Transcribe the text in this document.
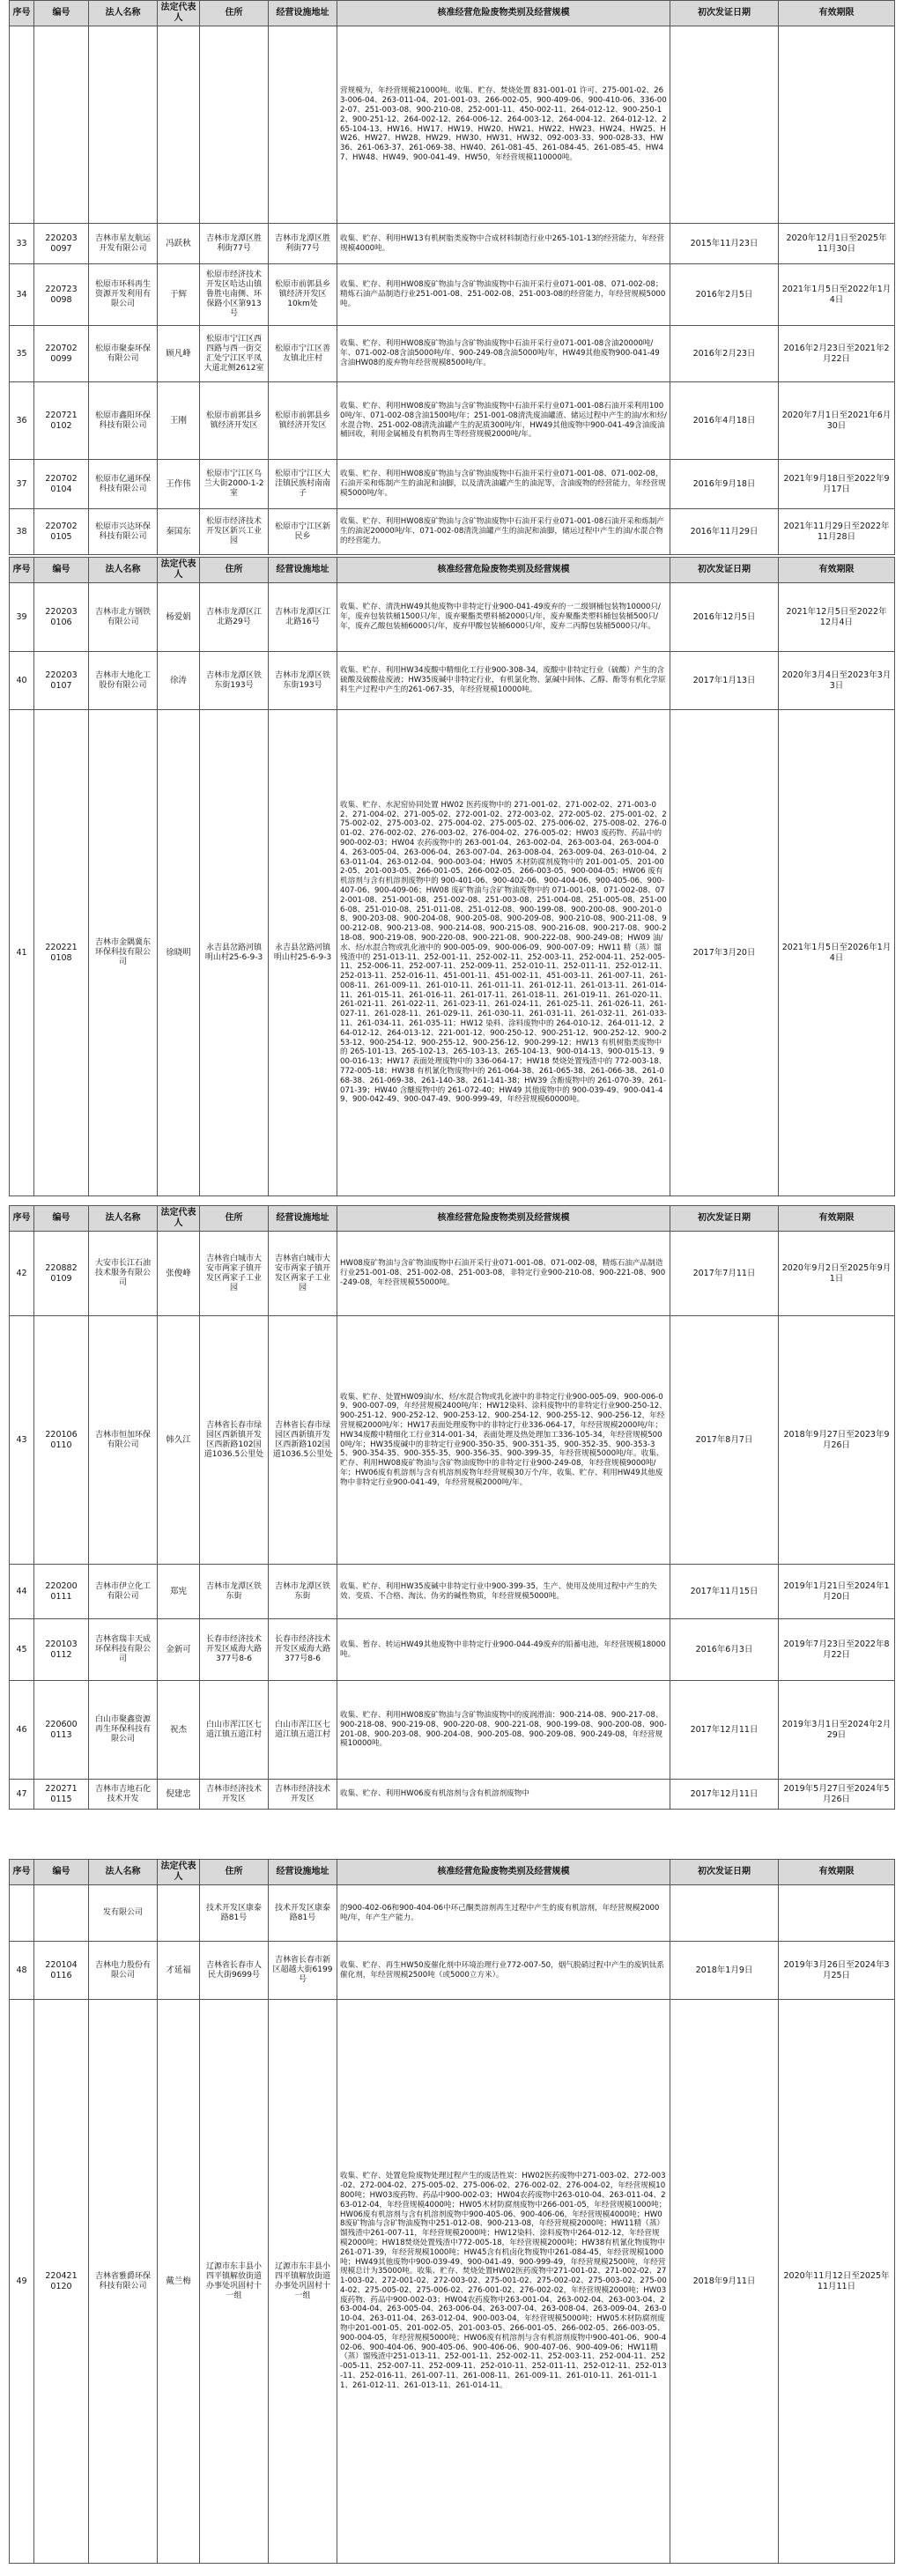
序号	编号	法人名称	法定代表人	住所	经营设施地址	核准经营危险废物类别及经营规模	初次发证日期	有效期限
						营规模为，年经营规模21000吨。收集、贮存、焚烧处置 831-001-01 许可、275-001-02、263-006-04、263-011-04、201-001-03、266-002-05、900-409-06、900-410-06、336-002-07、251-003-08、900-210-08、252-001-11、450-002-11、264-012-12、900-250-12、900-251-12、264-002-12、264-006-12、264-003-12、264-004-12、264-012-12、265-104-13、HW16、HW17、HW19、HW20、HW21、HW22、HW23、HW24、HW25、HW26、HW27、HW28、HW29、HW30、HW31、HW32、092-003-33、900-028-33、HW36、261-063-37、261-069-38、HW40、261-081-45、261-084-45、261-085-45、HW47、HW48、HW49、900-041-49、HW50，年经营规模110000吨。		
33	220203 0097	吉林市星友航运开发有限公司	冯跃秋	吉林市龙潭区胜利街77号	吉林市龙潭区胜利街77号	收集、贮存、利用HW13有机树脂类废物中合成材料制造行业中265-101-13的经营能力，年经营规模4000吨。	2015年11月23日	2020年12月1日至2025年11月30日
34	220723 0098	松原市环科再生资源开发利用有限公司	于辉	松原市经济技术开发区哈达山镇鲁胜屯南侧、环保路小区第913号	松原市前郭县乡镇经济开发区10km处	收集、贮存、利用HW08废矿物油与含矿物油废物中石油开采行业071-001-08、071-002-08；精炼石油产品制造行业251-001-08、251-002-08、251-003-08的经营能力，年经营规模5000吨。	2016年2月5日	2021年1月5日至2022年1月4日
35	220702 0099	松原市聚泰环保有限公司	顾凡峰	松原市宁江区西四路与西一街交汇处宁江区平凤大道北侧2612室	松原市宁江区善友镇北庄村	收集、贮存、利用HW08废矿物油与含矿物油废物中石油开采行业071-001-08含油20000吨/年、071-002-08含油5000吨/年、900-249-08含油5000吨/年，HW49其他废物900-041-49含油HW08的废弃物年经营规模8500吨/年。	2016年2月23日	2016年2月23日至2021年2月22日
36	220721 0102	松原市鑫阳环保科技有限公司	王刚	松原市前郭县乡镇经济开发区	松原市前郭县乡镇经济开发区	收集、贮存、利用HW08废矿物油与含矿物油废物中石油开采行业071-001-08石油开采利用1000吨/年、071-002-08含油1500吨/年；251-001-08清洗废油罐渣、储运过程中产生的油/水和烃/水混合物、251-002-08清洗油罐产生的泥质300吨/年，HW49其他废物中900-041-49含油废油桶回收，利用金属桶及有机物再生等经营规模2000吨/年。	2016年4月18日	2020年7月1日至2021年6月30日
37	220702 0104	松原市亿通环保科技有限公司	王作伟	松原市宁江区乌兰大街2000-1-2室	松原市宁江区大洼镇民族村南南子	收集、贮存、利用HW08废矿物油与含矿物油废物中石油开采行业071-001-08、071-002-08，石油开采和炼制产生的油泥和油脚，以及清洗油罐产生的油泥等，含油废物的经营能力，年经营规模5000吨/年。	2016年9月18日	2021年9月18日至2022年9月17日
38	220702 0105	松原市兴达环保科技有限公司	秦国东	松原市经济技术开发区新兴工业园	松原市宁江区新民乡	收集、贮存、利用HW08废矿物油与含矿物油废物中石油开采行业071-001-08石油开采和炼制产生的油泥20000吨/年、071-002-08清洗油罐产生的油泥和油脚，储运过程中产生的油/水混合物的经营能力。	2016年11月29日	2021年11月29日至2022年11月28日
序号	编号	法人名称	法定代表人	住所	经营设施地址	核准经营危险废物类别及经营规模	初次发证日期	有效期限
39	220203 0106	吉林市北方钢铁有限公司	杨爱娟	吉林市龙潭区江北路29号	吉林市龙潭区江北路16号	收集、贮存、清洗HW49其他废物中非特定行业900-041-49废弃的一二级钢桶包装物10000只/年，废弃包装铁桶1500只/年，废弃聚酯类塑料桶2000只/年，废弃聚酯类塑料桶包装桶500只/年，废弃乙酸包装桶6000只/年，废弃甲酸包装桶6000只/年，废弃二丙醇包装桶5000只/年。	2016年12月5日	2021年12月5日至2022年12月4日
40	220203 0107	吉林市大地化工股份有限公司	徐涛	吉林市龙潭区铁东街193号	吉林市龙潭区铁东街193号	收集、贮存、利用HW34废酸中精细化工行业900-308-34，废酸中非特定行业（硫酸）产生的含硫酸及硫酸盐废液；HW35废碱中非特定行业，有机氯化物、氯碱中间体、乙醇、酚等有机化学原料生产过程中产生的261-067-35，年经营规模10000吨。	2017年1月13日	2020年3月4日至2023年3月3日
41	220221 0108	吉林市金隅冀东环保科技有限公司	徐晓明	永吉县岔路河镇明山村25-6-9-3	永吉县岔路河镇明山村25-6-9-3	收集、贮存、水泥窑协同处置 HW02 医药废物中的 271-001-02、271-002-02、271-003-02、271-004-02、271-005-02、272-001-02、272-003-02、272-005-02、275-001-02、275-002-02、275-003-02、275-004-02、275-005-02、275-006-02、275-008-02、276-001-02、276-002-02、276-003-02、276-004-02、276-005-02；HW03 废药物、药品中的 900-002-03；HW04 农药废物中的 263-001-04、263-002-04、263-003-04、263-004-04、263-005-04、263-006-04、263-007-04、263-008-04、263-009-04、263-010-04、263-011-04、263-012-04、900-003-04；HW05 木材防腐剂废物中的 201-001-05、201-002-05、201-003-05、266-001-05、266-002-05、266-003-05、900-004-05；HW06 废有机溶剂与含有机溶剂废物中的 900-401-06、900-402-06、900-404-06、900-405-06、900-407-06、900-409-06；HW08 废矿物油与含矿物油废物中的 071-001-08、071-002-08、072-001-08、251-001-08、251-002-08、251-003-08、251-004-08、251-005-08、251-006-08、251-010-08、251-011-08、251-012-08、900-199-08、900-200-08、900-201-08、900-203-08、900-204-08、900-205-08、900-209-08、900-210-08、900-211-08、900-212-08、900-213-08、900-214-08、900-215-08、900-216-08、900-217-08、900-218-08、900-219-08、900-220-08、900-221-08、900-222-08、900-249-08；HW09 油/水、烃/水混合物或乳化液中的 900-005-09、900-006-09、900-007-09；HW11 精（蒸）馏残渣中的 251-013-11、252-001-11、252-002-11、252-003-11、252-004-11、252-005-11、252-006-11、252-007-11、252-009-11、252-010-11、252-011-11、252-012-11、252-013-11、252-016-11、451-001-11、451-002-11、451-003-11、261-007-11、261-008-11、261-009-11、261-010-11、261-011-11、261-012-11、261-013-11、261-014-11、261-015-11、261-016-11、261-017-11、261-018-11、261-019-11、261-020-11、261-021-11、261-022-11、261-023-11、261-024-11、261-025-11、261-026-11、261-027-11、261-028-11、261-029-11、261-030-11、261-031-11、261-032-11、261-033-11、261-034-11、261-035-11；HW12 染料、涂料废物中的 264-010-12、264-011-12、264-012-12、264-013-12、221-001-12、900-250-12、900-251-12、900-252-12、900-253-12、900-254-12、900-255-12、900-256-12、900-299-12；HW13 有机树脂类废物中的 265-101-13、265-102-13、265-103-13、265-104-13、900-014-13、900-015-13、900-016-13；HW17 表面处理废物中的 336-064-17；HW18 焚烧处置残渣中的 772-003-18、772-005-18；HW38 有机氰化物废物中的 261-064-38、261-065-38、261-066-38、261-068-38、261-069-38、261-140-38、261-141-38；HW39 含酚废物中的 261-070-39、261-071-39；HW40 含醚废物中的 261-072-40；HW49 其他废物中的 900-039-49、900-041-49、900-042-49、900-047-49、900-999-49，年经营规模60000吨。	2017年3月20日	2021年1月5日至2026年1月4日
序号	编号	法人名称	法定代表人	住所	经营设施地址	核准经营危险废物类别及经营规模	初次发证日期	有效期限
42	220882 0109	大安市长江石油技术服务有限公司	张俊峰	吉林省白城市大安市两家子镇开发区两家子工业园	吉林省白城市大安市两家子镇开发区两家子工业园	HW08废矿物油与含矿物油废物中石油开采行业071-001-08、071-002-08，精炼石油产品制造行业251-001-08、251-002-08、251-003-08，非特定行业900-210-08、900-221-08、900-249-08，年经营规模55000吨。	2017年7月11日	2020年9月2日至2025年9月1日
43	220106 0110	吉林市恒加环保有限公司	韩久江	吉林省长春市绿园区西新镇开发区西新路102国道1036.5公里处	吉林省长春市绿园区西新镇开发区西新路102国道1036.5公里处	收集、贮存、处置HW09油/水、烃/水混合物或乳化液中的非特定行业900-005-09、900-006-09、900-007-09，年经营规模2400吨/年；HW12染料、涂料废物中的非特定行业900-250-12、900-251-12、900-252-12、900-253-12、900-254-12、900-255-12、900-256-12，年经营规模2000吨/年；HW17表面处理废物中的非特定行业336-064-17，年经营规模2000吨/年；HW34废酸中精细化工行业314-001-34，表面处理及热处理加工336-105-34，年经营规模5000吨/年；HW35废碱中的非特定行业900-350-35、900-351-35、900-352-35、900-353-35、900-354-35、900-355-35、900-356-35、900-399-35，年经营规模5000吨/年。收集、贮存、利用HW08废矿物油与含矿物油废物中的非特定行业900-249-08，年经营规模9000吨/年；HW06废有机溶剂与含有机溶剂废物年经营规模30万个/年，收集、贮存、利用HW49其他废物中非特定行业900-041-49，年经营规模2000吨/年。	2017年8月7日	2018年9月27日至2023年9月26日
44	220200 0111	吉林市伊立化工有限公司	郑宪	吉林市龙潭区铁东街	吉林市龙潭区铁东街	收集、贮存、利用HW35废碱中非特定行业中900-399-35，生产、使用及使用过程中产生的失效、变质、不合格、淘汰、伪劣的碱性物质，年经营规模5000吨。	2017年11月15日	2019年1月21日至2024年1月20日
45	220103 0112	吉林省瑞丰天成环保科技有限公司	金新可	长春市经济技术开发区威海大路377号8-6	长春市经济技术开发区威海大路377号8-6	收集、暂存、转运HW49其他废物中非特定行业900-044-49废弃的铅蓄电池，年经营规模18000吨。	2016年6月3日	2019年7月23日至2022年8月22日
46	220600 0113	白山市聚鑫资源再生环保科技有限公司	祝杰	白山市浑江区七道江镇五道江村	白山市浑江区七道江镇五道江村	收集、贮存、利用HW08废矿物油与含矿物油废物中的废润滑油：900-214-08、900-217-08、900-218-08、900-219-08、900-220-08、900-221-08、900-199-08、900-200-08、900-201-08、900-203-08、900-204-08、900-205-08、900-209-08、900-249-08，年经营规模10000吨。	2017年12月11日	2019年3月1日至2024年2月29日
47	220271 0115	吉林市吉地石化技术开发	倪建忠	吉林市经济技术开发区	吉林市经济技术开发区	收集、贮存、利用HW06废有机溶剂与含有机溶剂废物中	2017年12月11日	2019年5月27日至2024年5月26日
序号	编号	法人名称	法定代表人	住所	经营设施地址	核准经营危险废物类别及经营规模	初次发证日期	有效期限
		发有限公司		技术开发区康泰路81号	技术开发区康泰路81号	的900-402-06和900-404-06中环己酮类溶剂再生过程中产生的废有机溶剂，年经营规模2000吨/年，年产生产能力。		
48	220104 0116	吉林电力股份有限公司	才延福	吉林省长春市人民大街9699号	吉林省长春市新区超越大街6199号	收集、贮存、再生HW50废催化剂中环境治理行业772-007-50，烟气脱硝过程中产生的废钒钛系催化剂，年经营规模2500吨（或5000立方米）。	2018年1月9日	2019年3月26日至2024年3月25日
49	220421 0120	吉林省雅爵环保科技有限公司	戴兰梅	辽源市东丰县小四平镇解放街道办事处巩固村十一组	辽源市东丰县小四平镇解放街道办事处巩固村十一组	收集、贮存、处置危险废物处理过程产生的废活性炭：HW02医药废物中271-003-02、272-003-02、272-004-02、275-005-02、275-006-02、276-002-02、276-004-02，年经营规模10800吨；HW03废药物、药品中900-002-03；HW04农药废物中263-010-04、263-011-04、263-012-04，年经营规模4000吨；HW05木材防腐剂废物中266-001-05，年经营规模1000吨；HW06废有机溶剂与含有机溶剂废物中900-405-06、900-406-06，年经营规模4000吨；HW08废矿物油与含矿物油废物中251-012-08、900-213-08，年经营规模2000吨；HW11精（蒸）馏残渣中261-007-11，年经营规模2000吨；HW12染料、涂料废物中264-012-12，年经营规模2000吨；HW18焚烧处置残渣中772-005-18，年经营规模2000吨；HW38有机氰化物废物中261-071-39，年经营规模1000吨；HW45含有机卤化物废物中261-084-45，年经营规模1000吨；HW49其他废物中900-039-49、900-041-49、900-999-49，年经营规模2500吨，年经营规模总计为35000吨。收集、贮存、焚烧处置HW02医药废物中271-001-02、271-002-02、271-003-02、272-001-02、272-003-02、275-001-02、275-002-02、275-003-02、275-004-02、275-005-02、275-006-02、276-001-02、276-002-02，年经营规模2000吨；HW03废药物、药品中900-002-03；HW04农药废物中263-001-04、263-002-04、263-003-04、263-004-04、263-005-04、263-006-04、263-007-04、263-008-04、263-009-04、263-010-04、263-011-04、263-012-04、900-003-04，年经营规模5000吨；HW05木材防腐剂废物中201-001-05、201-002-05、201-003-05、266-001-05、266-002-05、266-003-05、900-004-05，年经营规模5000吨；HW06废有机溶剂与含有机溶剂废物中900-401-06、900-402-06、900-404-06、900-405-06、900-406-06、900-407-06、900-409-06；HW11精（蒸）馏残渣中251-013-11、252-001-11、252-002-11、252-003-11、252-004-11、252-005-11、252-007-11、252-009-11、252-010-11、252-011-11、252-012-11、252-013-11、252-016-11、261-007-11、261-008-11、261-009-11、261-010-11、261-011-11、261-012-11、261-013-11、261-014-11。	2018年9月11日	2020年11月12日至2025年11月11日
